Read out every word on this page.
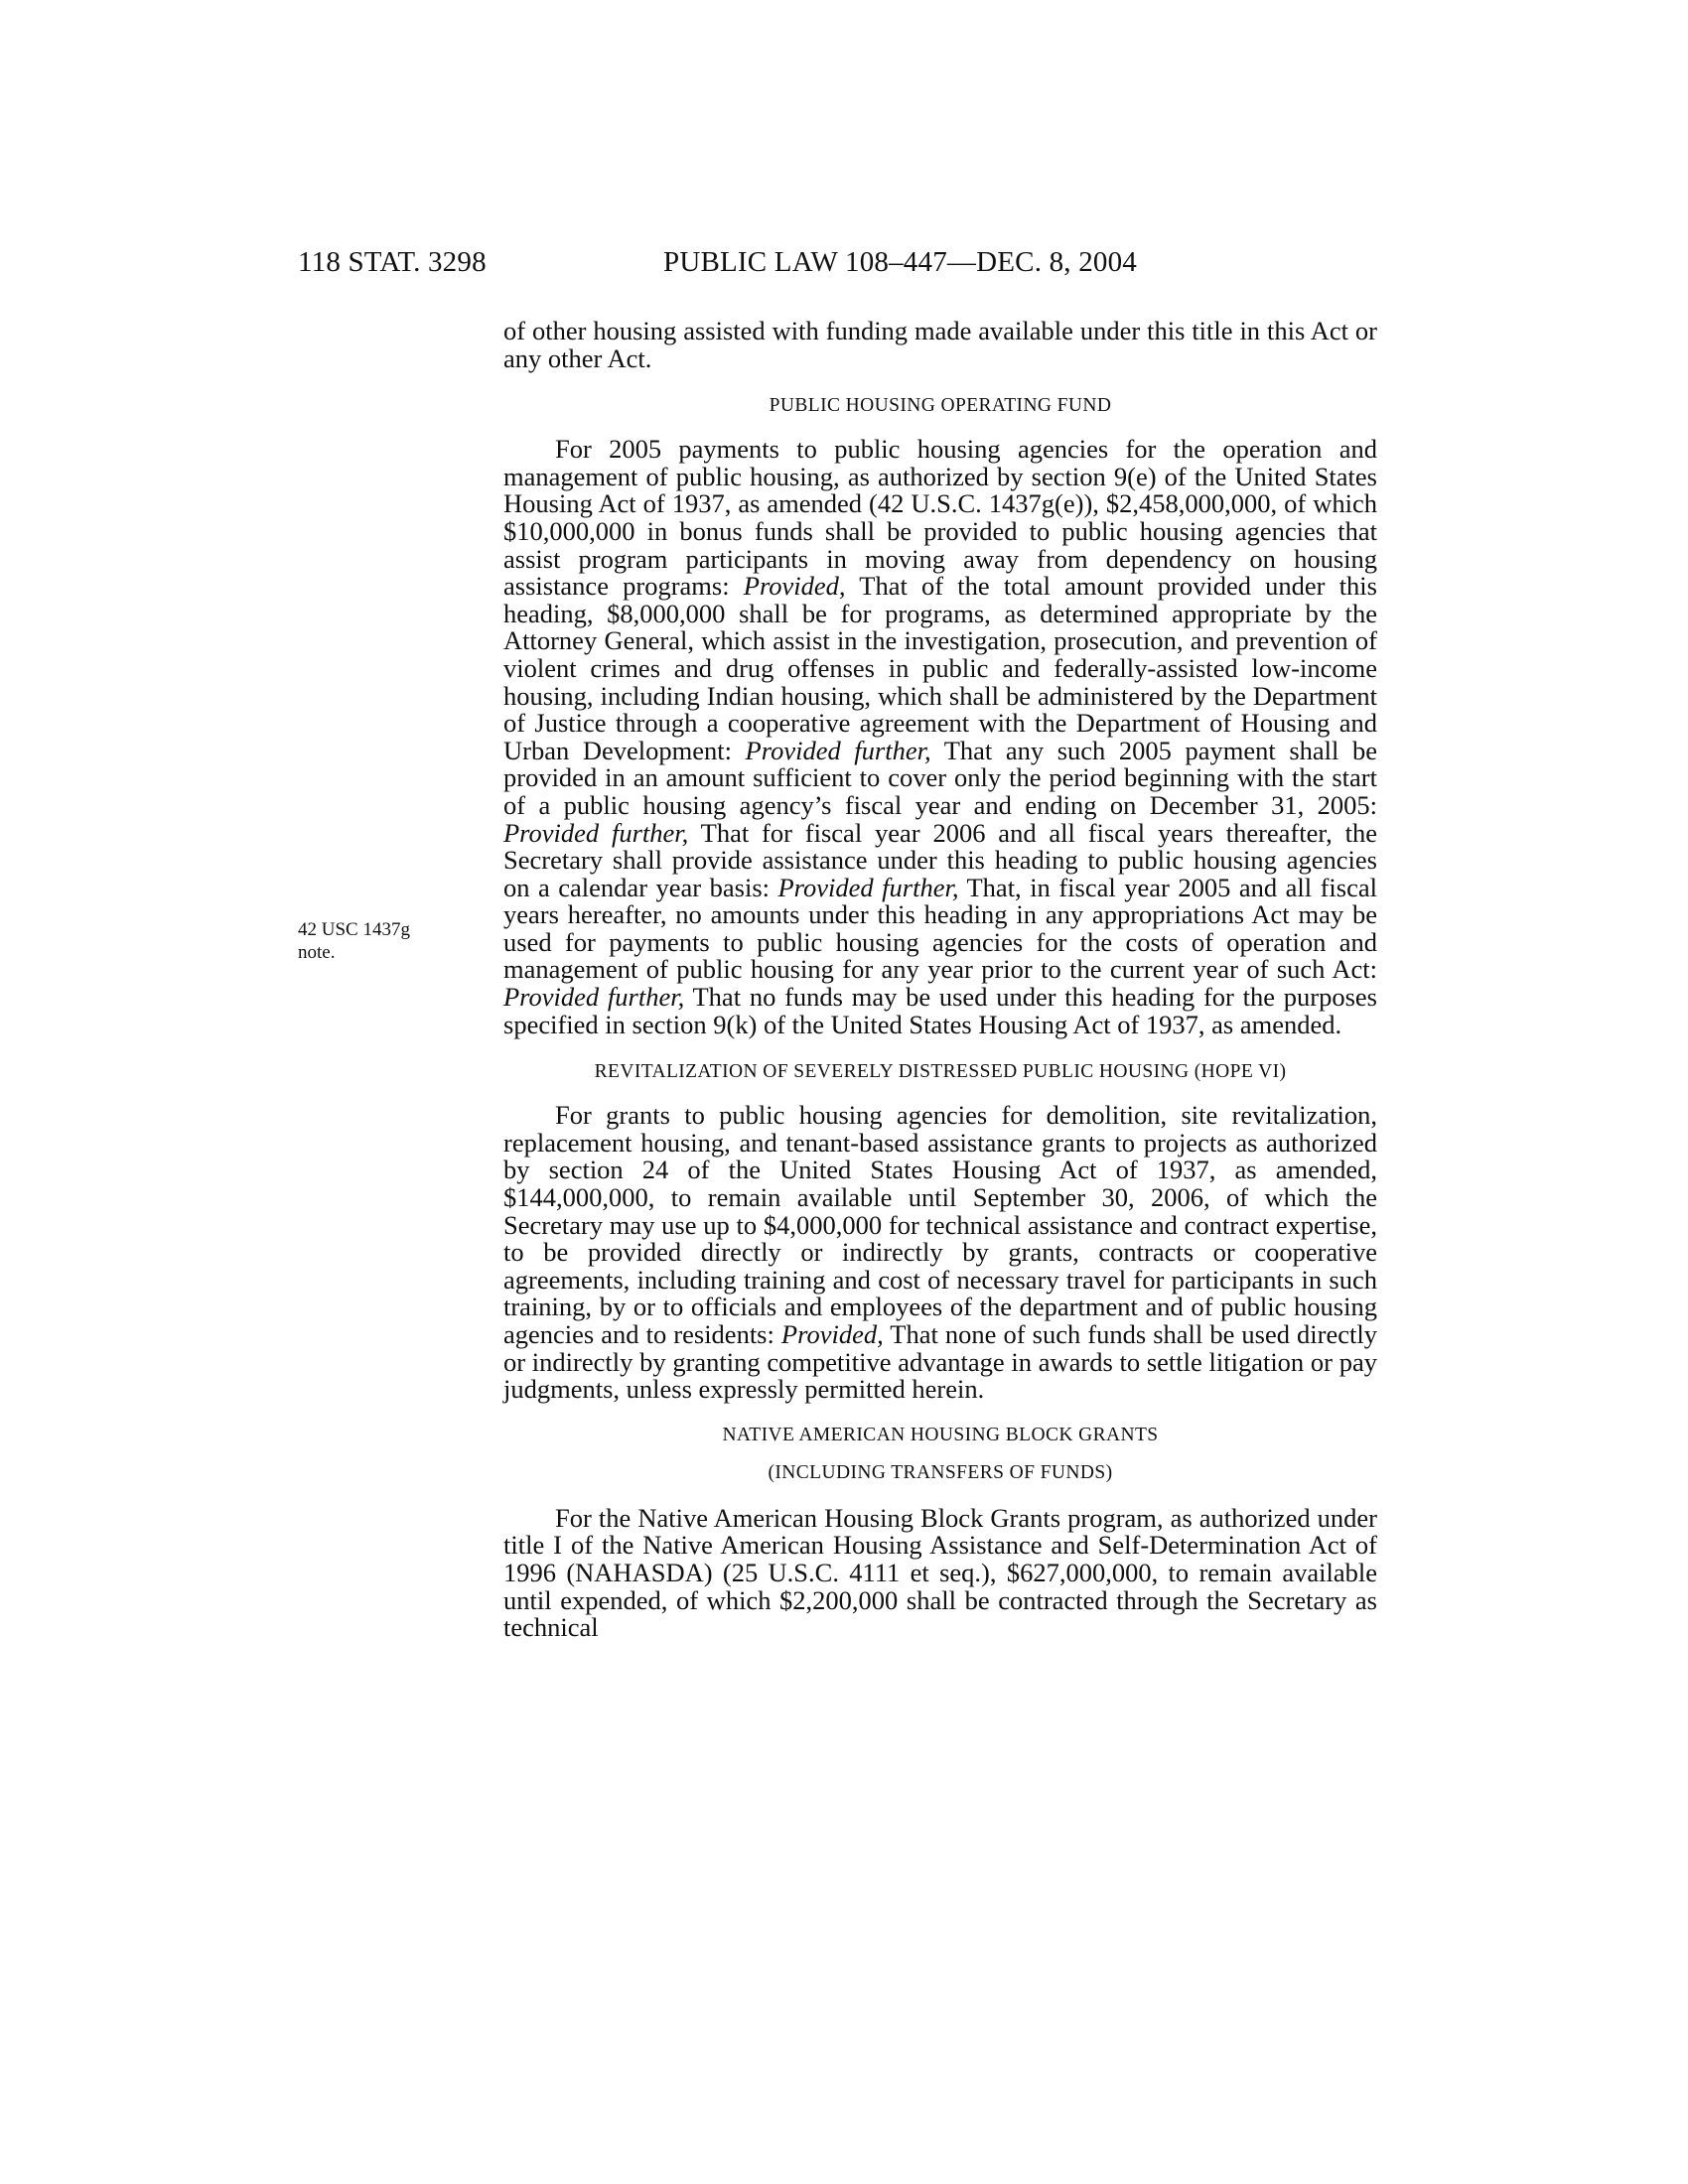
118 STAT. 3298	PUBLIC LAW 108–447—DEC. 8, 2004
42 USC 1437g
note.

of other housing assisted with funding made available under this title in this Act or any other Act.

PUBLIC HOUSING OPERATING FUND

For 2005 payments to public housing agencies for the operation and management of public housing, as authorized by section 9(e) of the United States Housing Act of 1937, as amended (42 U.S.C. 1437g(e)), $2,458,000,000, of which $10,000,000 in bonus funds shall be provided to public housing agencies that assist program participants in moving away from dependency on housing assistance programs: Provided, That of the total amount provided under this heading, $8,000,000 shall be for programs, as determined appropriate by the Attorney General, which assist in the investigation, prosecution, and prevention of violent crimes and drug offenses in public and federally-assisted low-income housing, including Indian housing, which shall be administered by the Department of Justice through a cooperative agreement with the Department of Housing and Urban Development: Provided further, That any such 2005 payment shall be provided in an amount sufficient to cover only the period beginning with the start of a public housing agency’s fiscal year and ending on December 31, 2005: Provided further, That for fiscal year 2006 and all fiscal years thereafter, the Secretary shall provide assistance under this heading to public housing agencies on a calendar year basis: Provided further, That, in fiscal year 2005 and all fiscal years hereafter, no amounts under this heading in any appropriations Act may be used for payments to public housing agencies for the costs of operation and management of public housing for any year prior to the current year of such Act: Provided further, That no funds may be used under this heading for the purposes specified in section 9(k) of the United States Housing Act of 1937, as amended.

REVITALIZATION OF SEVERELY DISTRESSED PUBLIC HOUSING (HOPE VI)

For grants to public housing agencies for demolition, site revitalization, replacement housing, and tenant-based assistance grants to projects as authorized by section 24 of the United States Housing Act of 1937, as amended, $144,000,000, to remain available until September 30, 2006, of which the Secretary may use up to $4,000,000 for technical assistance and contract expertise, to be provided directly or indirectly by grants, contracts or cooperative agreements, including training and cost of necessary travel for participants in such training, by or to officials and employees of the department and of public housing agencies and to residents: Provided, That none of such funds shall be used directly or indirectly by granting competitive advantage in awards to settle litigation or pay judgments, unless expressly permitted herein.

NATIVE AMERICAN HOUSING BLOCK GRANTS
(INCLUDING TRANSFERS OF FUNDS)

For the Native American Housing Block Grants program, as authorized under title I of the Native American Housing Assistance and Self-Determination Act of 1996 (NAHASDA) (25 U.S.C. 4111 et seq.), $627,000,000, to remain available until expended, of which $2,200,000 shall be contracted through the Secretary as technical
